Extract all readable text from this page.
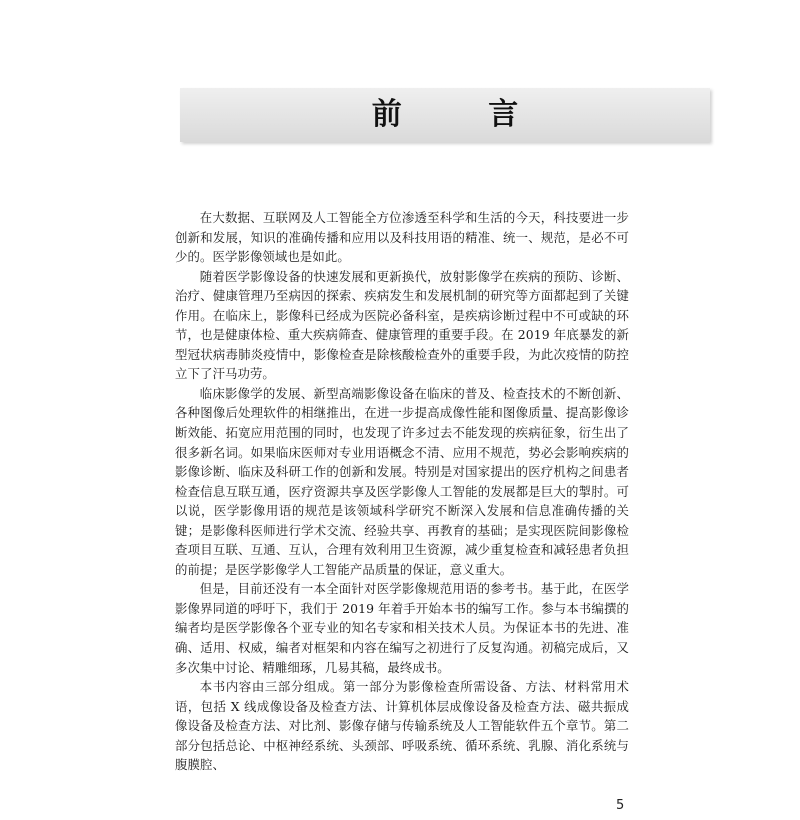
前 言

在大数据、互联网及人工智能全方位渗透至科学和生活的今天，科技要进一步创新和发展，知识的准确传播和应用以及科技用语的精准、统一、规范，是必不可少的。医学影像领域也是如此。

随着医学影像设备的快速发展和更新换代，放射影像学在疾病的预防、诊断、治疗、健康管理乃至病因的探索、疾病发生和发展机制的研究等方面都起到了关键作用。在临床上，影像科已经成为医院必备科室，是疾病诊断过程中不可或缺的环节，也是健康体检、重大疾病筛查、健康管理的重要手段。在 2019 年底暴发的新型冠状病毒肺炎疫情中，影像检查是除核酸检查外的重要手段，为此次疫情的防控立下了汗马功劳。

临床影像学的发展、新型高端影像设备在临床的普及、检查技术的不断创新、各种图像后处理软件的相继推出，在进一步提高成像性能和图像质量、提高影像诊断效能、拓宽应用范围的同时，也发现了许多过去不能发现的疾病征象，衍生出了很多新名词。如果临床医师对专业用语概念不清、应用不规范，势必会影响疾病的影像诊断、临床及科研工作的创新和发展。特别是对国家提出的医疗机构之间患者检查信息互联互通，医疗资源共享及医学影像人工智能的发展都是巨大的掣肘。可以说，医学影像用语的规范是该领域科学研究不断深入发展和信息准确传播的关键；是影像科医师进行学术交流、经验共享、再教育的基础；是实现医院间影像检查项目互联、互通、互认，合理有效利用卫生资源，减少重复检查和减轻患者负担的前提；是医学影像学人工智能产品质量的保证，意义重大。

但是，目前还没有一本全面针对医学影像规范用语的参考书。基于此，在医学影像界同道的呼吁下，我们于 2019 年着手开始本书的编写工作。参与本书编撰的编者均是医学影像各个亚专业的知名专家和相关技术人员。为保证本书的先进、准确、适用、权威，编者对框架和内容在编写之初进行了反复沟通。初稿完成后，又多次集中讨论、精雕细琢，几易其稿，最终成书。

本书内容由三部分组成。第一部分为影像检查所需设备、方法、材料常用术语，包括 X 线成像设备及检查方法、计算机体层成像设备及检查方法、磁共振成像设备及检查方法、对比剂、影像存储与传输系统及人工智能软件五个章节。第二部分包括总论、中枢神经系统、头颈部、呼吸系统、循环系统、乳腺、消化系统与腹膜腔、

5
